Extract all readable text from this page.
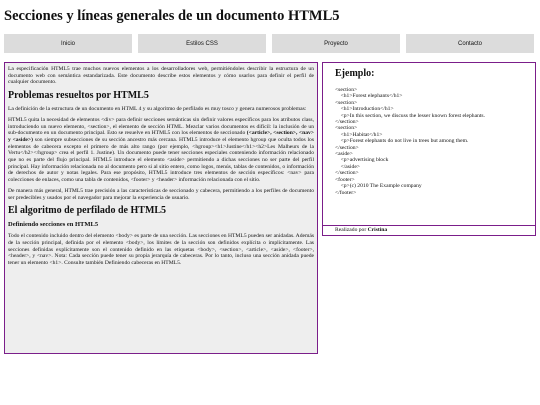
Secciones y líneas generales de un documento HTML5
Inicio	Estilos CSS	Proyecto	Contacto

La especificación HTML5 trae muchos nuevos elementos a los desarrolladores web, permitiéndoles describir la estructura de un documento web con semántica estandarizada. Este documento describe estos elementos y cómo usarlos para definir el perfil de cualquier documento.

Problemas resueltos por HTML5

La definición de la estructura de un documento en HTML 4 y su algoritmo de perfilado es muy tosco y genera numerosos problemas:

HTML5 quita la necesidad de elementos <div> para definir secciones semánticas sin definir valores específicos para los atributos class, introduciendo un nuevo elemento, <section>, el elemento de sección HTML. Mezclar varios documentos es difícil: la inclusión de un sub-documento en un documento principal. Esto se resuelve en HTML5 con los elementos de seccionado (<article>, <section>, <nav> y <aside>) son siempre subsecciones de su sección ancestro más cercana. HTML5 introduce el elemento hgroup que oculta todos los elementos de cabecera excepto el primero de más alto rango (por ejemplo, <hgroup><h1>Justine</h1><h2>Les Malheurs de la Vertu</h2></hgroup> crea el perfil 1. Justine). Un documento puede tener secciones especiales conteniendo información relacionado que no es parte del flujo principal. HTML5 introduce el elemento <aside> permitiendo a dichas secciones no ser parte del perfil principal. Hay información relacionada no al documento pero si al sitio entero, como logos, menús, tablas de contenidos, o información de derechos de autor y notas legales. Para ese propósito, HTML5 introduce tres elementos de sección específicos: <nav> para colecciones de enlaces, como una tabla de contenidos, <footer> y <header> información relacionada con el sitio.

De manera más general, HTML5 trae precisión a las características de seccionado y cabecera, permitiendo a los perfiles de documento ser predecibles y usados por el navegador para mejorar la experiencia de usuario.

El algoritmo de perfilado de HTML5
Definiendo secciones en HTML5

Todo el contenido incluido dentro del elemento <body> es parte de una sección. Las secciones en HTML5 pueden ser anidadas. Además de la sección principal, definida por el elemento <body>, los límites de la sección son definidos explícita o implícitamente. Las secciones definidas explícitamente son el contenido definido en las etiquetas <body>, <section>, <article>, <aside>, <footer>, <header>, y <nav>. Nota: Cada sección puede tener su propia jerarquía de cabeceras. Por lo tanto, incluso una sección anidada puede tener un elemento <h1>. Consulte también Definiendo cabeceras en HTML5.

Ejemplo:
<section>
<h1>Forest elephants</h1>
<section>
<h1>Introduction</h1>
<p>In this section, we discuss the lesser known forest elephants.
</section>
<section>
<h1>Habitat</h1>
<p>Forest elephants do not live in trees but among them.
</section>
<aside>
<p>advertising block
</aside>
</section>
<footer>
<p>(c) 2010 The Example company
</footer>
Realizado por Cristina
